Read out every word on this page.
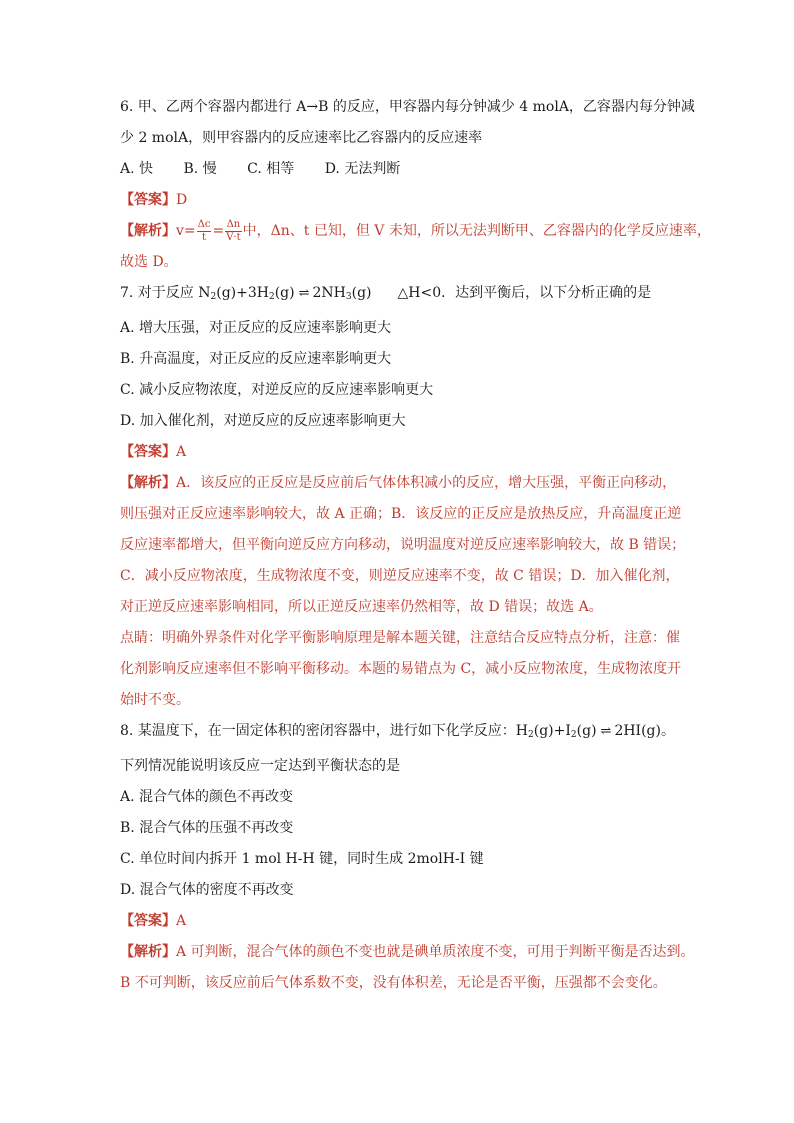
6. 甲、乙两个容器内都进行 A→B 的反应，甲容器内每分钟减少 4 molA，乙容器内每分钟减
少 2 molA，则甲容器内的反应速率比乙容器内的反应速率
A. 快 B. 慢 C. 相等 D. 无法判断
【答案】D
【解析】$v= \frac{\Delta c}{t} = \frac{\Delta n}{V\cdot t}$ 中，Δn、t 已知，但 V 未知，所以无法判断甲、乙容器内的化学反应速率，
故选 D。
7. 对于反应 $N_2(g)+3H_2(g)$ ⇌ $2NH_3(g)$ △H<0．达到平衡后，以下分析正确的是
A. 增大压强，对正反应的反应速率影响更大
B. 升高温度，对正反应的反应速率影响更大
C. 减小反应物浓度，对逆反应的反应速率影响更大
D. 加入催化剂，对逆反应的反应速率影响更大
【答案】A
【解析】A．该反应的正反应是反应前后气体体积减小的反应，增大压强，平衡正向移动，
则压强对正反应速率影响较大，故 A 正确；B．该反应的正反应是放热反应，升高温度正逆
反应速率都增大，但平衡向逆反应方向移动，说明温度对逆反应速率影响较大，故 B 错误；
C．减小反应物浓度，生成物浓度不变，则逆反应速率不变，故 C 错误；D．加入催化剂，
对正逆反应速率影响相同，所以正逆反应速率仍然相等，故 D 错误；故选 A。
点睛：明确外界条件对化学平衡影响原理是解本题关键，注意结合反应特点分析，注意：催
化剂影响反应速率但不影响平衡移动。本题的易错点为 C，减小反应物浓度，生成物浓度开
始时不变。
8. 某温度下，在一固定体积的密闭容器中，进行如下化学反应：$H_2(g)+I_2(g)$ ⇌ 2HI(g)。
下列情况能说明该反应一定达到平衡状态的是
A. 混合气体的颜色不再改变
B. 混合气体的压强不再改变
C. 单位时间内拆开 1 mol H-H 键，同时生成 2molH-I 键
D. 混合气体的密度不再改变
【答案】A
【解析】A 可判断，混合气体的颜色不变也就是碘单质浓度不变，可用于判断平衡是否达到。
B 不可判断，该反应前后气体系数不变，没有体积差，无论是否平衡，压强都不会变化。
